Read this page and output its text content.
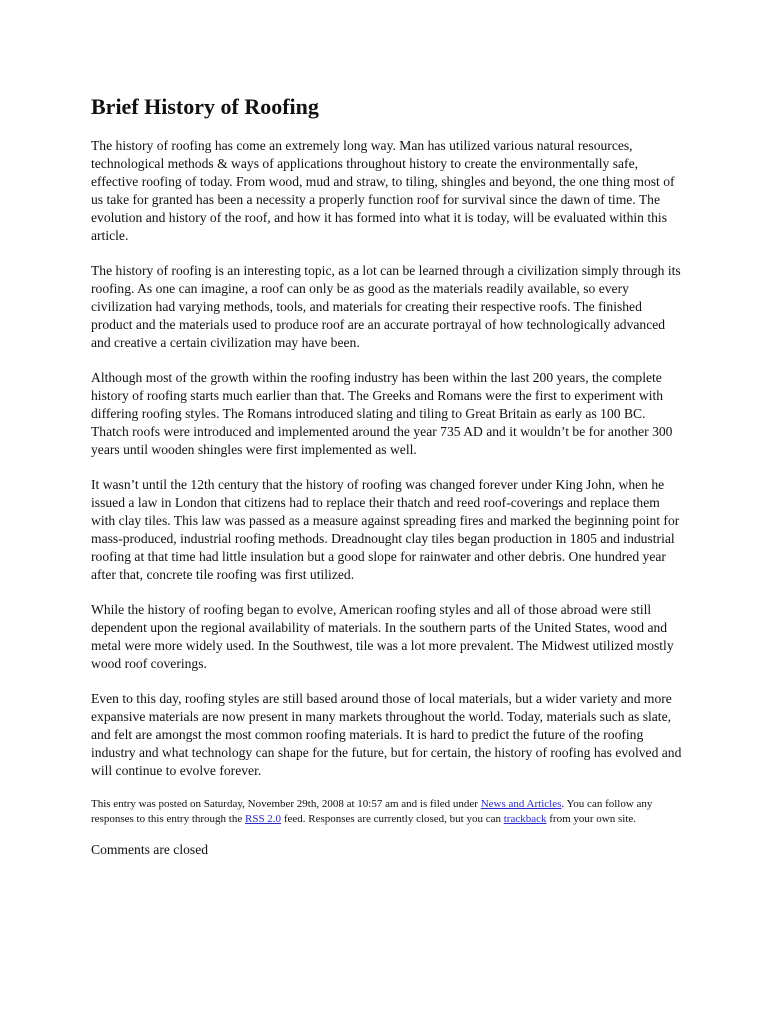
Brief History of Roofing

The history of roofing has come an extremely long way. Man has utilized various natural resources, technological methods & ways of applications throughout history to create the environmentally safe, effective roofing of today. From wood, mud and straw, to tiling, shingles and beyond, the one thing most of us take for granted has been a necessity a properly function roof for survival since the dawn of time. The evolution and history of the roof, and how it has formed into what it is today, will be evaluated within this article.

The history of roofing is an interesting topic, as a lot can be learned through a civilization simply through its roofing. As one can imagine, a roof can only be as good as the materials readily available, so every civilization had varying methods, tools, and materials for creating their respective roofs. The finished product and the materials used to produce roof are an accurate portrayal of how technologically advanced and creative a certain civilization may have been.

Although most of the growth within the roofing industry has been within the last 200 years, the complete history of roofing starts much earlier than that. The Greeks and Romans were the first to experiment with differing roofing styles. The Romans introduced slating and tiling to Great Britain as early as 100 BC. Thatch roofs were introduced and implemented around the year 735 AD and it wouldn’t be for another 300 years until wooden shingles were first implemented as well.

It wasn’t until the 12th century that the history of roofing was changed forever under King John, when he issued a law in London that citizens had to replace their thatch and reed roof-coverings and replace them with clay tiles. This law was passed as a measure against spreading fires and marked the beginning point for mass-produced, industrial roofing methods. Dreadnought clay tiles began production in 1805 and industrial roofing at that time had little insulation but a good slope for rainwater and other debris. One hundred year after that, concrete tile roofing was first utilized.

While the history of roofing began to evolve, American roofing styles and all of those abroad were still dependent upon the regional availability of materials. In the southern parts of the United States, wood and metal were more widely used. In the Southwest, tile was a lot more prevalent. The Midwest utilized mostly wood roof coverings.

Even to this day, roofing styles are still based around those of local materials, but a wider variety and more expansive materials are now present in many markets throughout the world. Today, materials such as slate, and felt are amongst the most common roofing materials. It is hard to predict the future of the roofing industry and what technology can shape for the future, but for certain, the history of roofing has evolved and will continue to evolve forever.

This entry was posted on Saturday, November 29th, 2008 at 10:57 am and is filed under News and Articles. You can follow any responses to this entry through the RSS 2.0 feed. Responses are currently closed, but you can trackback from your own site.

Comments are closed
